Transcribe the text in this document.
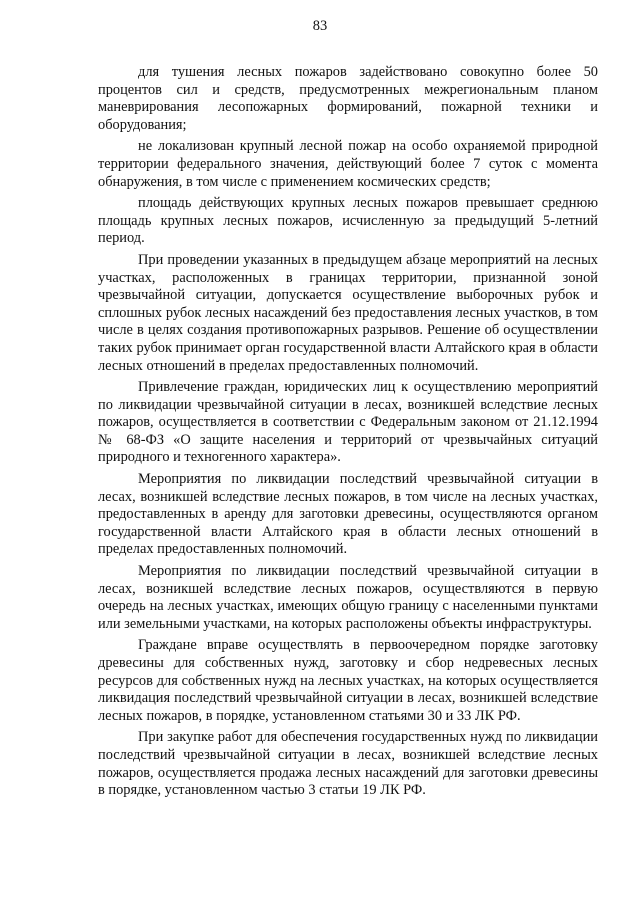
83

для тушения лесных пожаров задействовано совокупно более 50 процентов сил и средств, предусмотренных межрегиональным планом маневрирования лесопожарных формирований, пожарной техники и оборудования;

не локализован крупный лесной пожар на особо охраняемой природной территории федерального значения, действующий более 7 суток с момента обнаружения, в том числе с применением космических средств;

площадь действующих крупных лесных пожаров превышает среднюю площадь крупных лесных пожаров, исчисленную за предыдущий 5-летний период.

При проведении указанных в предыдущем абзаце мероприятий на лесных участках, расположенных в границах территории, признанной зоной чрезвычайной ситуации, допускается осуществление выборочных рубок и сплошных рубок лесных насаждений без предоставления лесных участков, в том числе в целях создания противопожарных разрывов. Решение об осуществлении таких рубок принимает орган государственной власти Алтайского края в области лесных отношений в пределах предоставленных полномочий.

Привлечение граждан, юридических лиц к осуществлению мероприятий по ликвидации чрезвычайной ситуации в лесах, возникшей вследствие лесных пожаров, осуществляется в соответствии с Федеральным законом от 21.12.1994 № 68-ФЗ «О защите населения и территорий от чрезвычайных ситуаций природного и техногенного характера».

Мероприятия по ликвидации последствий чрезвычайной ситуации в лесах, возникшей вследствие лесных пожаров, в том числе на лесных участках, предоставленных в аренду для заготовки древесины, осуществляются органом государственной власти Алтайского края в области лесных отношений в пределах предоставленных полномочий.

Мероприятия по ликвидации последствий чрезвычайной ситуации в лесах, возникшей вследствие лесных пожаров, осуществляются в первую очередь на лесных участках, имеющих общую границу с населенными пунктами или земельными участками, на которых расположены объекты инфраструктуры.

Граждане вправе осуществлять в первоочередном порядке заготовку древесины для собственных нужд, заготовку и сбор недревесных лесных ресурсов для собственных нужд на лесных участках, на которых осуществляется ликвидация последствий чрезвычайной ситуации в лесах, возникшей вследствие лесных пожаров, в порядке, установленном статьями 30 и 33 ЛК РФ.

При закупке работ для обеспечения государственных нужд по ликвидации последствий чрезвычайной ситуации в лесах, возникшей вследствие лесных пожаров, осуществляется продажа лесных насаждений для заготовки древесины в порядке, установленном частью 3 статьи 19 ЛК РФ.
